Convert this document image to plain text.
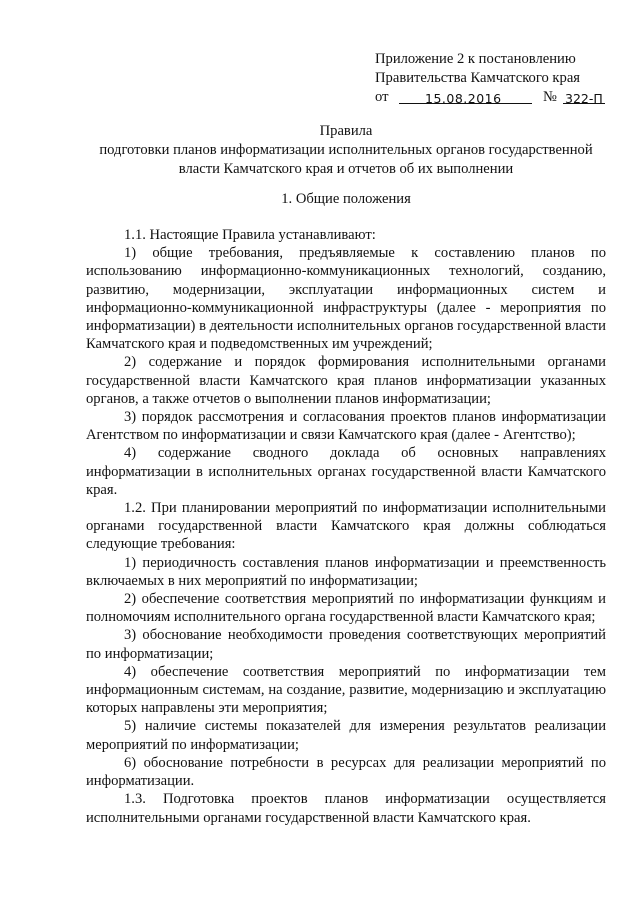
Приложение 2 к постановлению
Правительства Камчатского края
от	15.08.2016	№ 322-П
Правила
подготовки планов информатизации исполнительных органов государственной власти Камчатского края и отчетов об их выполнении
1. Общие положения

1.1. Настоящие Правила устанавливают:

1) общие требования, предъявляемые к составлению планов по использованию информационно-коммуникационных технологий, созданию, развитию, модернизации, эксплуатации информационных систем и информационно-коммуникационной инфраструктуры (далее - мероприятия по информатизации) в деятельности исполнительных органов государственной власти Камчатского края и подведомственных им учреждений;

2) содержание и порядок формирования исполнительными органами государственной власти Камчатского края планов информатизации указанных органов, а также отчетов о выполнении планов информатизации;

3) порядок рассмотрения и согласования проектов планов информатизации Агентством по информатизации и связи Камчатского края (далее - Агентство);

4) содержание сводного доклада об основных направлениях информатизации в исполнительных органах государственной власти Камчатского края.

1.2. При планировании мероприятий по информатизации исполнительными органами государственной власти Камчатского края должны соблюдаться следующие требования:

1) периодичность составления планов информатизации и преемственность включаемых в них мероприятий по информатизации;

2) обеспечение соответствия мероприятий по информатизации функциям и полномочиям исполнительного органа государственной власти Камчатского края;

3) обоснование необходимости проведения соответствующих мероприятий по информатизации;

4) обеспечение соответствия мероприятий по информатизации тем информационным системам, на создание, развитие, модернизацию и эксплуатацию которых направлены эти мероприятия;

5) наличие системы показателей для измерения результатов реализации мероприятий по информатизации;

6) обоснование потребности в ресурсах для реализации мероприятий по информатизации.

1.3. Подготовка проектов планов информатизации осуществляется исполнительными органами государственной власти Камчатского края.
